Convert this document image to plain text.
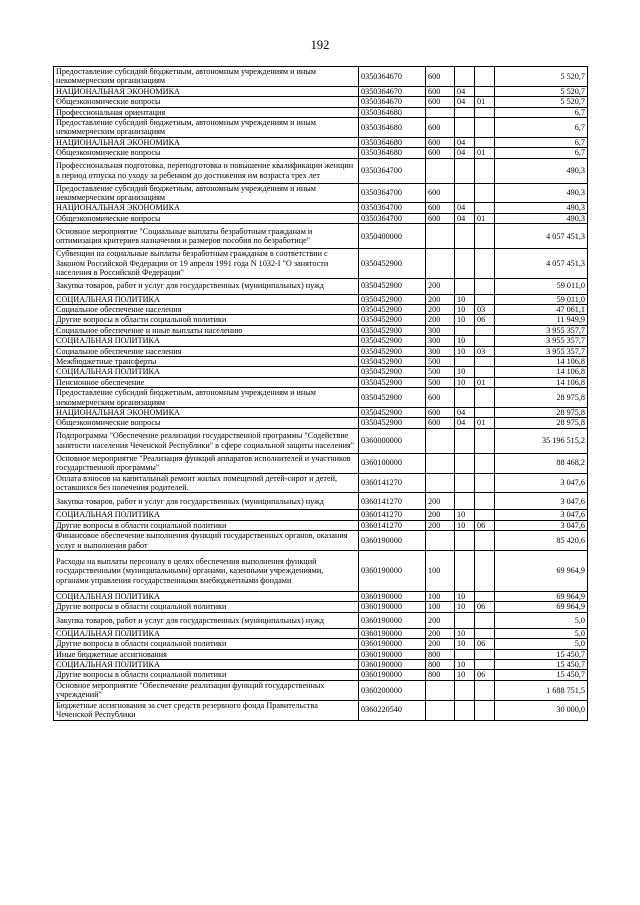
192
Предоставление субсидий бюджетным, автономным учреждениям и иным некоммерческим организациям	0350364670	600			5 520,7
НАЦИОНАЛЬНАЯ ЭКОНОМИКА	0350364670	600	04		5 520,7
Общеэкономические вопросы	0350364670	600	04	01	5 520,7
Профессиональная ориентация	0350364680				6,7
Предоставление субсидий бюджетным, автономным учреждениям и иным некоммерческим организациям	0350364680	600			6,7
НАЦИОНАЛЬНАЯ ЭКОНОМИКА	0350364680	600	04		6,7
Общеэкономические вопросы	0350364680	600	04	01	6,7
Профессиональная подготовка, переподготовка и повышение квалификации женщин в период отпуска по уходу за ребенком до достижения им возраста трех лет	0350364700				490,3
Предоставление субсидий бюджетным, автономным учреждениям и иным некоммерческим организациям	0350364700	600			490,3
НАЦИОНАЛЬНАЯ ЭКОНОМИКА	0350364700	600	04		490,3
Общеэкономические вопросы	0350364700	600	04	01	490,3
Основное мероприятие "Социальные выплаты безработным гражданам и оптимизация критериев назначения и размеров пособия по безработице"	0350400000				4 057 451,3
Субвенции на социальные выплаты безработным гражданам в соответствии с Законом Российской Федерации от 19 апреля 1991 года N 1032-I "О занятости населения в Российской Федерации"	0350452900				4 057 451,3
Закупка товаров, работ и услуг для государственных (муниципальных) нужд	0350452900	200			59 011,0
СОЦИАЛЬНАЯ ПОЛИТИКА	0350452900	200	10		59 011,0
Социальное обеспечение населения	0350452900	200	10	03	47 061,1
Другие вопросы в области социальной политики	0350452900	200	10	06	11 949,9
Социальное обеспечение и иные выплаты населению	0350452900	300			3 955 357,7
СОЦИАЛЬНАЯ ПОЛИТИКА	0350452900	300	10		3 955 357,7
Социальное обеспечение населения	0350452900	300	10	03	3 955 357,7
Межбюджетные трансферты	0350452900	500			14 106,8
СОЦИАЛЬНАЯ ПОЛИТИКА	0350452900	500	10		14 106,8
Пенсионное обеспечение	0350452900	500	10	01	14 106,8
Предоставление субсидий бюджетным, автономным учреждениям и иным некоммерческим организациям	0350452900	600			28 975,8
НАЦИОНАЛЬНАЯ ЭКОНОМИКА	0350452900	600	04		28 975,8
Общеэкономические вопросы	0350452900	600	04	01	28 975,8
Подпрограмма "Обеспечение реализации государственной программы "Содействие занятости населения Чеченской Республики" в сфере социальной защиты населения"	0360000000				35 196 515,2
Основное мероприятие "Реализация функций аппаратов исполнителей и участников государственной программы"	0360100000				88 468,2
Оплата взносов на капитальный ремонт жилых помещений детей-сирот и детей, оставшихся без попечения родителей.	0360141270				3 047,6
Закупка товаров, работ и услуг для государственных (муниципальных) нужд	0360141270	200			3 047,6
СОЦИАЛЬНАЯ ПОЛИТИКА	0360141270	200	10		3 047,6
Другие вопросы в области социальной политики	0360141270	200	10	06	3 047,6
Финансовое обеспечение выполнения функций государственных органов, оказания услуг и выполнения работ	0360190000				85 420,6
Расходы на выплаты персоналу в целях обеспечения выполнения функций государственными (муниципальными) органами, казенными учреждениями, органами управления государственными внебюджетными фондами	0360190000	100			69 964,9
СОЦИАЛЬНАЯ ПОЛИТИКА	0360190000	100	10		69 964,9
Другие вопросы в области социальной политики	0360190000	100	10	06	69 964,9
Закупка товаров, работ и услуг для государственных (муниципальных) нужд	0360190000	200			5,0
СОЦИАЛЬНАЯ ПОЛИТИКА	0360190000	200	10		5,0
Другие вопросы в области социальной политики	0360190000	200	10	06	5,0
Иные бюджетные ассигнования	0360190000	800			15 450,7
СОЦИАЛЬНАЯ ПОЛИТИКА	0360190000	800	10		15 450,7
Другие вопросы в области социальной политики	0360190000	800	10	06	15 450,7
Основное мероприятие "Обеспечение реализации функций государственных учреждений"	0360200000				1 688 751,5
Бюджетные ассигнования за счет средств резервного фонда Правительства Чеченской Республики	0360220540				30 000,0
